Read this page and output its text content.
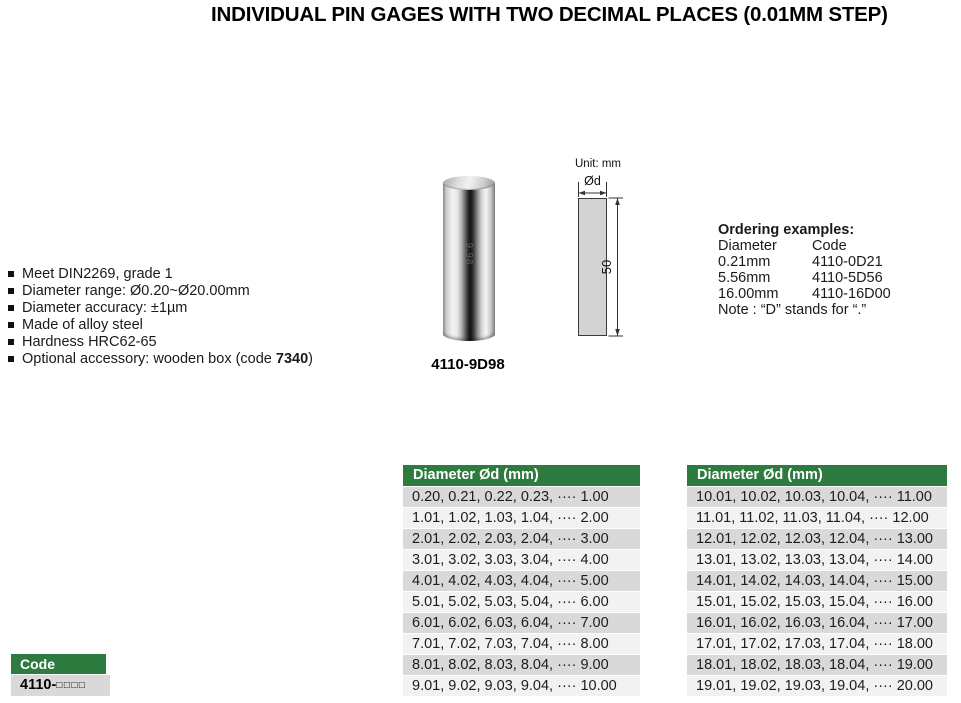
INDIVIDUAL PIN GAGES WITH TWO DECIMAL PLACES (0.01MM STEP)
Meet DIN2269, grade 1
Diameter range: Ø0.20~Ø20.00mm
Diameter accuracy: ±1µm
Made of alloy steel
Hardness HRC62-65
Optional accessory: wooden box (code 7340)
9.98
4110-9D98
Unit: mm
Ød
50
Ordering examples:
Diameter Code
0.21mm	4110-0D21
5.56mm	4110-5D56
16.00mm 4110-16D00
Note : “D” stands for “.”
Diameter Ød (mm)
0.20, 0.21, 0.22, 0.23, ···· 1.00
1.01, 1.02, 1.03, 1.04, ···· 2.00
2.01, 2.02, 2.03, 2.04, ···· 3.00
3.01, 3.02, 3.03, 3.04, ···· 4.00
4.01, 4.02, 4.03, 4.04, ···· 5.00
5.01, 5.02, 5.03, 5.04, ···· 6.00
6.01, 6.02, 6.03, 6.04, ···· 7.00
7.01, 7.02, 7.03, 7.04, ···· 8.00
8.01, 8.02, 8.03, 8.04, ···· 9.00
9.01, 9.02, 9.03, 9.04, ···· 10.00
Diameter Ød (mm)
10.01, 10.02, 10.03, 10.04, ···· 11.00
11.01, 11.02, 11.03, 11.04, ···· 12.00
12.01, 12.02, 12.03, 12.04, ···· 13.00
13.01, 13.02, 13.03, 13.04, ···· 14.00
14.01, 14.02, 14.03, 14.04, ···· 15.00
15.01, 15.02, 15.03, 15.04, ···· 16.00
16.01, 16.02, 16.03, 16.04, ···· 17.00
17.01, 17.02, 17.03, 17.04, ···· 18.00
18.01, 18.02, 18.03, 18.04, ···· 19.00
19.01, 19.02, 19.03, 19.04, ···· 20.00
Code
4110-□□□□
